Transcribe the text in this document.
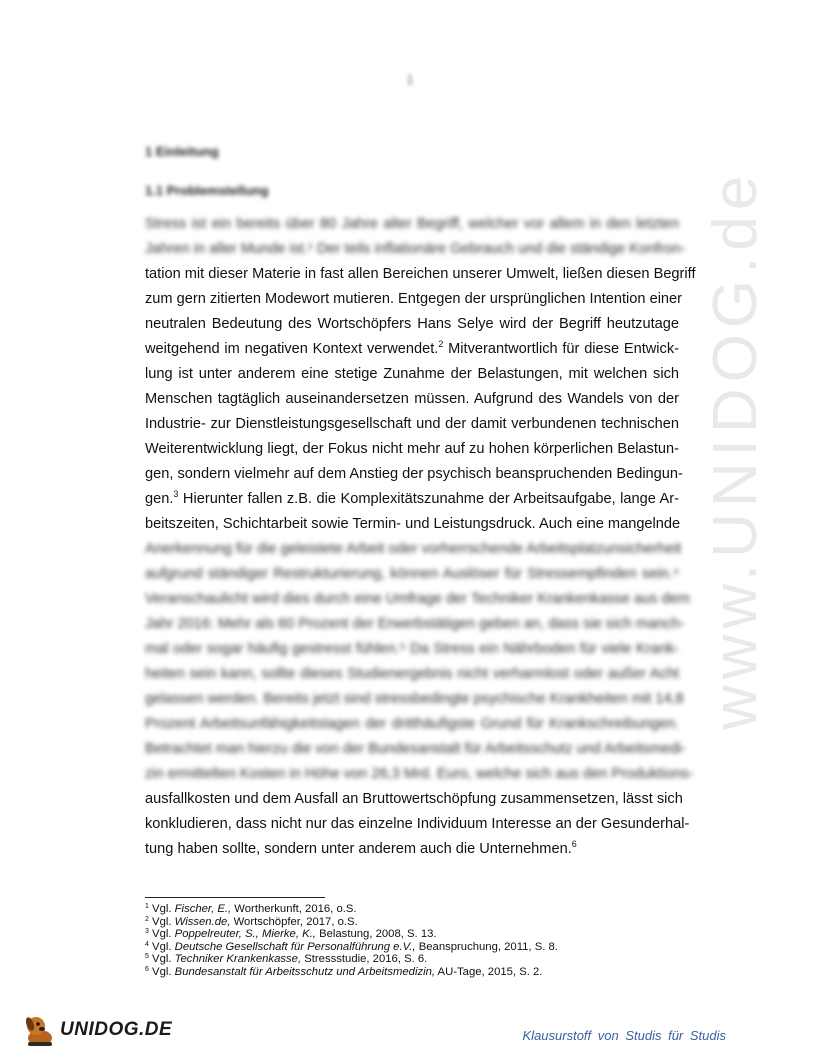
www.UNIDOG.de
1
1 Einleitung
1.1 Problemstellung
Stress ist ein bereits über 80 Jahre alter Begriff, welcher vor allem in den letzten
Jahren in aller Munde ist.¹ Der teils inflationäre Gebrauch und die ständige Konfron-
tation mit dieser Materie in fast allen Bereichen unserer Umwelt, ließen diesen Begriff
zum gern zitierten Modewort mutieren. Entgegen der ursprünglichen Intention einer
neutralen Bedeutung des Wortschöpfers Hans Selye wird der Begriff heutzutage
weitgehend im negativen Kontext verwendet.$^2$ Mitverantwortlich für diese Entwick-
lung ist unter anderem eine stetige Zunahme der Belastungen, mit welchen sich
Menschen tagtäglich auseinandersetzen müssen. Aufgrund des Wandels von der
Industrie- zur Dienstleistungsgesellschaft und der damit verbundenen technischen
Weiterentwicklung liegt, der Fokus nicht mehr auf zu hohen körperlichen Belastun-
gen, sondern vielmehr auf dem Anstieg der psychisch beanspruchenden Bedingun-
gen.$^3$ Hierunter fallen z.B. die Komplexitätszunahme der Arbeitsaufgabe, lange Ar-
beitszeiten, Schichtarbeit sowie Termin- und Leistungsdruck. Auch eine mangelnde
Anerkennung für die geleistete Arbeit oder vorherrschende Arbeitsplatzunsicherheit
aufgrund ständiger Restrukturierung, können Auslöser für Stressempfinden sein.⁴
Veranschaulicht wird dies durch eine Umfrage der Techniker Krankenkasse aus dem
Jahr 2016: Mehr als 60 Prozent der Erwerbstätigen geben an, dass sie sich manch-
mal oder sogar häufig gestresst fühlen.⁵ Da Stress ein Nährboden für viele Krank-
heiten sein kann, sollte dieses Studienergebnis nicht verharmlost oder außer Acht
gelassen werden. Bereits jetzt sind stressbedingte psychische Krankheiten mit 14,8
Prozent Arbeitsunfähigkeitstagen der dritthäufigste Grund für Krankschreibungen.
Betrachtet man hierzu die von der Bundesanstalt für Arbeitsschutz und Arbeitsmedi-
zin ermittelten Kosten in Höhe von 26,3 Mrd. Euro, welche sich aus den Produktions-
ausfallkosten und dem Ausfall an Bruttowertschöpfung zusammensetzen, lässt sich
konkludieren, dass nicht nur das einzelne Individuum Interesse an der Gesunderhal-
tung haben sollte, sondern unter anderem auch die Unternehmen.$^6$
$^1$ Vgl. Fischer, E., Wortherkunft, 2016, o.S.
$^2$ Vgl. Wissen.de, Wortschöpfer, 2017, o.S.
$^3$ Vgl. Poppelreuter, S., Mierke, K., Belastung, 2008, S. 13.
$^4$ Vgl. Deutsche Gesellschaft für Personalführung e.V., Beanspruchung, 2011, S. 8.
$^5$ Vgl. Techniker Krankenkasse, Stressstudie, 2016, S. 6.
$^6$ Vgl. Bundesanstalt für Arbeitsschutz und Arbeitsmedizin, AU-Tage, 2015, S. 2.
UNIDOG.DE	Klausurstoff von Studis für Studis
